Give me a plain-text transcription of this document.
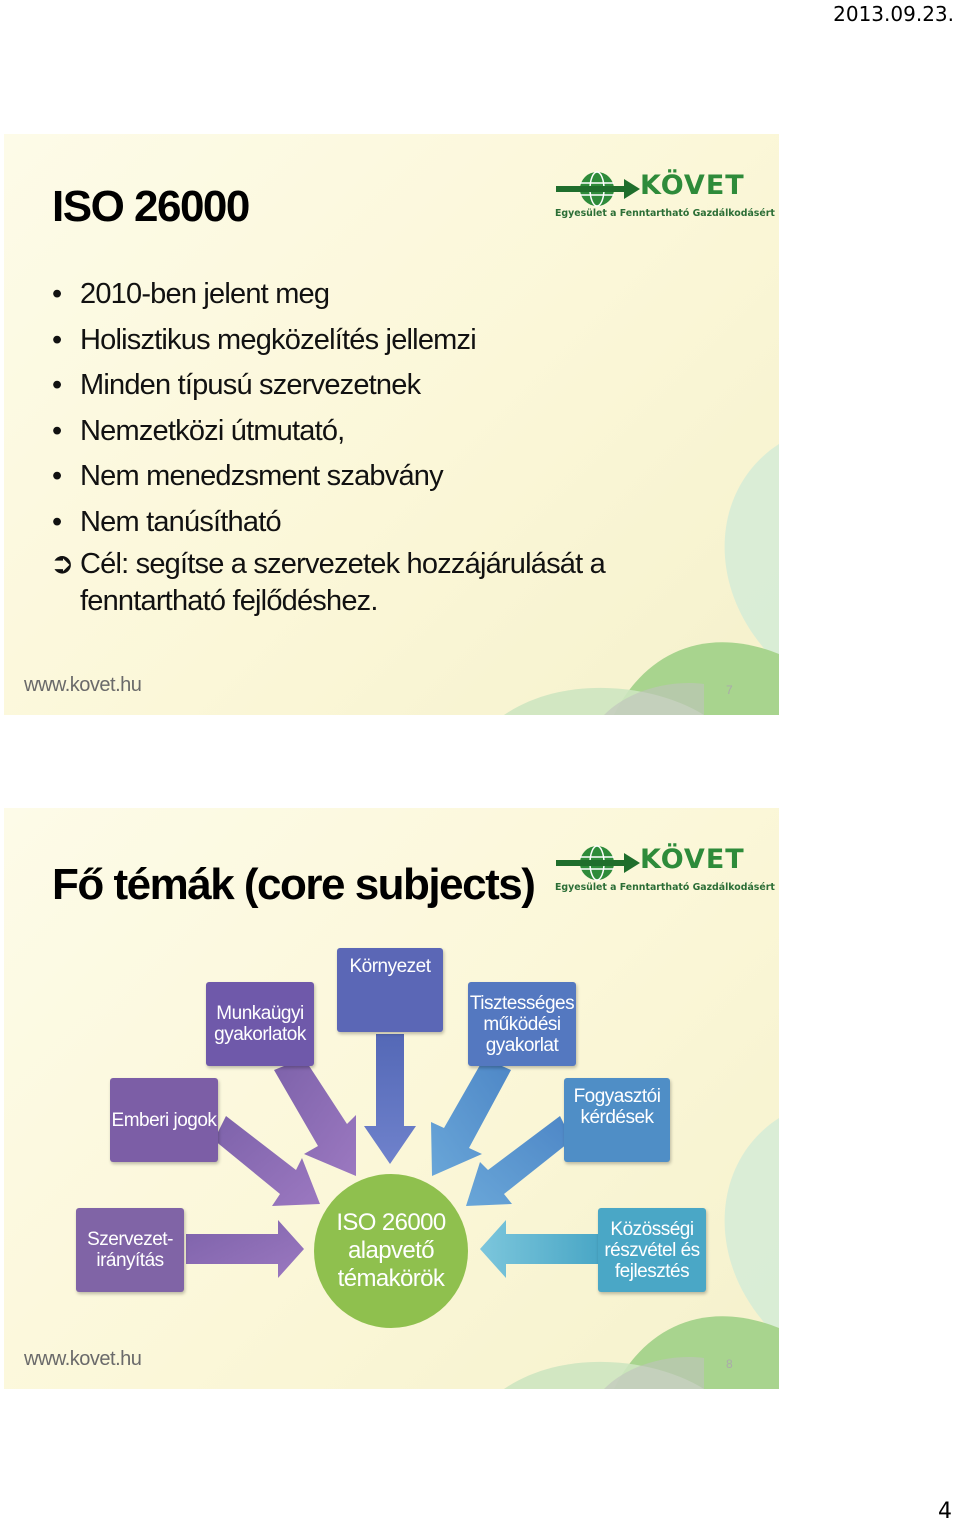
2013.09.23.
ISO 26000	KÖVET
Egyesület a Fenntartható Gazdálkodásért
• 2010-ben jelent meg
• Holisztikus megközelítés jellemzi
• Minden típusú szervezetnek
• Nemzetközi útmutató,
• Nem menedzsment szabvány
• Nem tanúsítható

➲ Cél: segítse a szervezetek hozzájárulását a fenntartható fejlődéshez.

www.kovet.hu	7
Fő témák (core subjects)
KÖVET
Egyesület a Fenntartható Gazdálkodásért
Munkaügyi
gyakorlatok
Környezet
Tisztességes
működési
gyakorlat
Emberi jogok
Fogyasztói
kérdések
Szervezet-
irányítás
Közösségi
részvétel és
fejlesztés
ISO 26000
alapvető
témakörök
www.kovet.hu	8
4
